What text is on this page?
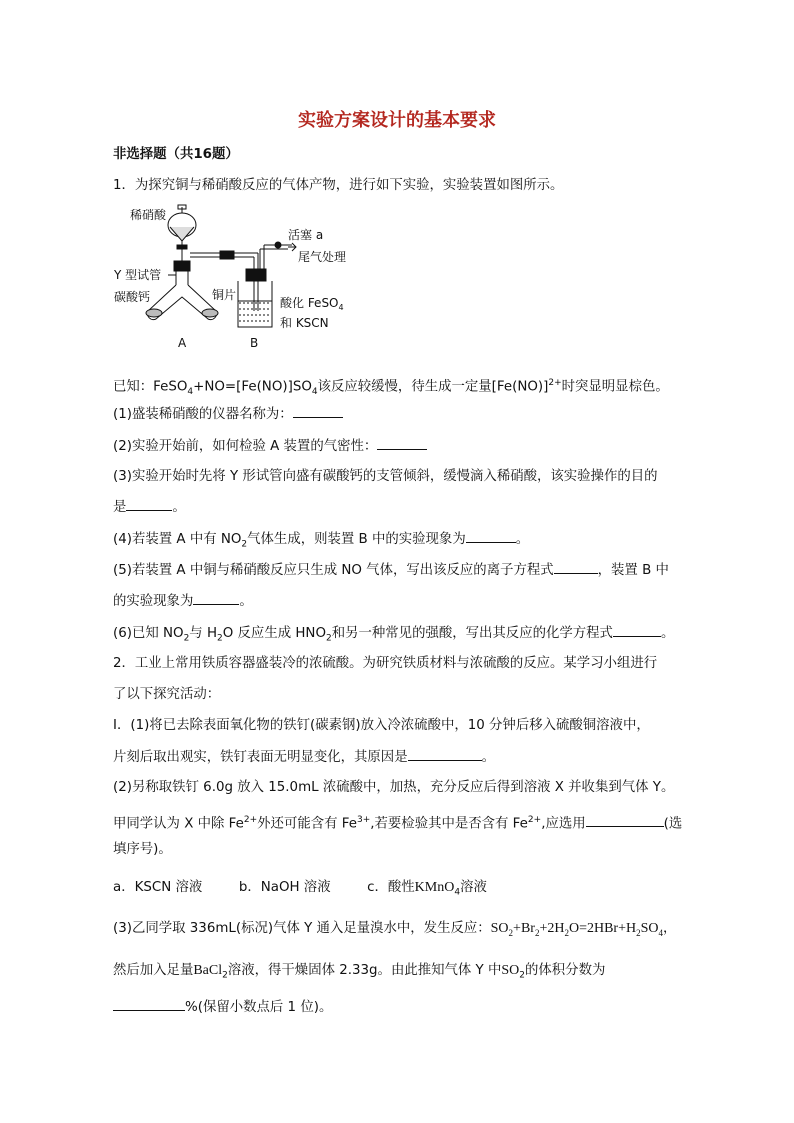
实验方案设计的基本要求
非选择题（共16题）
1．为探究铜与稀硝酸反应的气体产物，进行如下实验，实验装置如图所示。
稀硝酸
活塞 a
尾气处理
Y 型试管
碳酸钙	铜片
酸化 FeSO$_4$
和 KSCN
A	B
已知：$FeSO_4+NO=[Fe(NO)]SO_4$该反应较缓慢，待生成一定量$[Fe(NO)]^{2+}$时突显明显棕色。
(1)盛装稀硝酸的仪器名称为：
(2)实验开始前，如何检验 A 装置的气密性：
(3)实验开始时先将 Y 形试管向盛有碳酸钙的支管倾斜，缓慢滴入稀硝酸，该实验操作的目的
是	。
(4)若装置 A 中有 $NO_2$气体生成，则装置 B 中的实验现象为	。
(5)若装置 A 中铜与稀硝酸反应只生成 NO 气体，写出该反应的离子方程式	，装置 B 中
的实验现象为	。
(6)已知 $NO_2$与 $H_2O$ 反应生成 $HNO_2$和另一种常见的强酸，写出其反应的化学方程式	。
2．工业上常用铁质容器盛装冷的浓硫酸。为研究铁质材料与浓硫酸的反应。某学习小组进行
了以下探究活动：
Ⅰ．(1)将已去除表面氧化物的铁钉(碳素钢)放入冷浓硫酸中，10 分钟后移入硫酸铜溶液中，
片刻后取出观实，铁钉表面无明显变化，其原因是	。
(2)另称取铁钉 6.0g 放入 15.0mL 浓硫酸中，加热，充分反应后得到溶液 X 并收集到气体 Y。
甲同学认为 X 中除 $Fe^{2+}$外还可能含有 $Fe^{3+}$,若要检验其中是否含有 $Fe^{2+}$,应选用	(选
填序号)。
a．KSCN 溶液	b．NaOH 溶液	c．酸性KMnO$_4$溶液
(3)乙同学取 336mL(标况)气体 Y 通入足量溴水中，发生反应：$SO_2+Br_2+2H_2O=2HBr+H_2SO_4$，
然后加入足量BaCl$_2$溶液，得干燥固体 2.33g。由此推知气体 Y 中$SO_2$的体积分数为
%(保留小数点后 1 位)。
